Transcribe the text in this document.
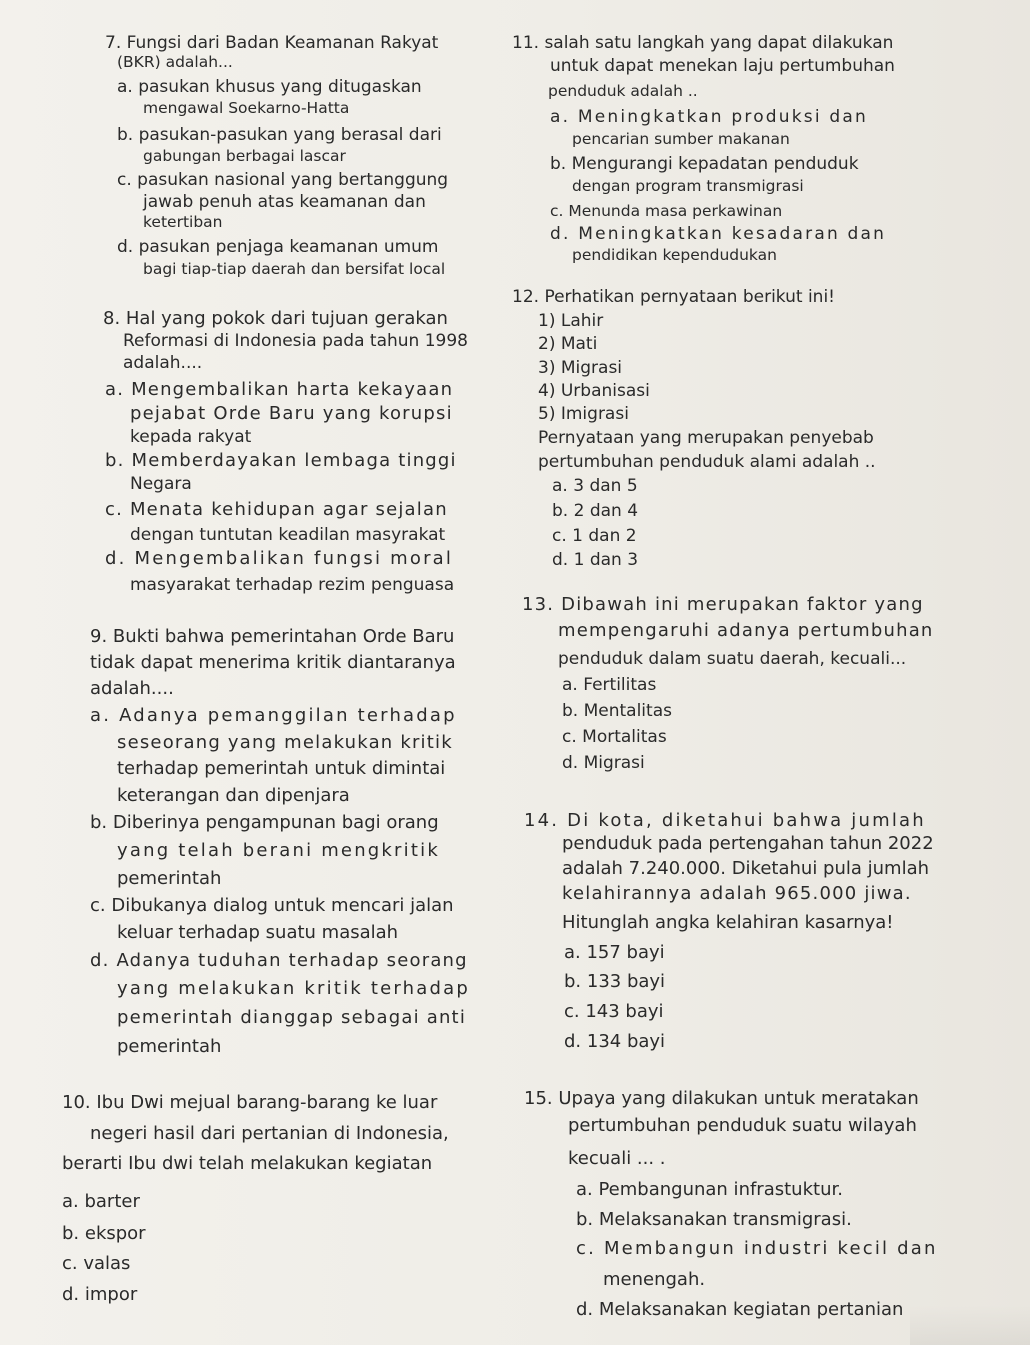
7. Fungsi dari Badan Keamanan Rakyat
(BKR) adalah...
a. pasukan khusus yang ditugaskan
mengawal Soekarno-Hatta
b. pasukan-pasukan yang berasal dari
gabungan berbagai lascar
c. pasukan nasional yang bertanggung
jawab penuh atas keamanan dan
ketertiban
d. pasukan penjaga keamanan umum
bagi tiap-tiap daerah dan bersifat local
8. Hal yang pokok dari tujuan gerakan
Reformasi di Indonesia pada tahun 1998
adalah....
a. Mengembalikan harta kekayaan
pejabat Orde Baru yang korupsi
kepada rakyat
b. Memberdayakan lembaga tinggi
Negara
c. Menata kehidupan agar sejalan
dengan tuntutan keadilan masyrakat
d. Mengembalikan fungsi moral
masyarakat terhadap rezim penguasa
9. Bukti bahwa pemerintahan Orde Baru
tidak dapat menerima kritik diantaranya
adalah....
a. Adanya pemanggilan terhadap
seseorang yang melakukan kritik
terhadap pemerintah untuk dimintai
keterangan dan dipenjara
b. Diberinya pengampunan bagi orang
yang telah berani mengkritik
pemerintah
c. Dibukanya dialog untuk mencari jalan
keluar terhadap suatu masalah
d. Adanya tuduhan terhadap seorang
yang melakukan kritik terhadap
pemerintah dianggap sebagai anti
pemerintah
10. Ibu Dwi mejual barang-barang ke luar
negeri hasil dari pertanian di Indonesia,
berarti Ibu dwi telah melakukan kegiatan
a. barter
b. ekspor
c. valas
d. impor
11. salah satu langkah yang dapat dilakukan
untuk dapat menekan laju pertumbuhan
penduduk adalah ..
a. Meningkatkan produksi dan
pencarian sumber makanan
b. Mengurangi kepadatan penduduk
dengan program transmigrasi
c. Menunda masa perkawinan
d. Meningkatkan kesadaran dan
pendidikan kependudukan
12. Perhatikan pernyataan berikut ini!
1) Lahir
2) Mati
3) Migrasi
4) Urbanisasi
5) Imigrasi
Pernyataan yang merupakan penyebab
pertumbuhan penduduk alami adalah ..
a. 3 dan 5
b. 2 dan 4
c. 1 dan 2
d. 1 dan 3
13. Dibawah ini merupakan faktor yang
mempengaruhi adanya pertumbuhan
penduduk dalam suatu daerah, kecuali...
a. Fertilitas
b. Mentalitas
c. Mortalitas
d. Migrasi
14. Di kota, diketahui bahwa jumlah
penduduk pada pertengahan tahun 2022
adalah 7.240.000. Diketahui pula jumlah
kelahirannya adalah 965.000 jiwa.
Hitunglah angka kelahiran kasarnya!
a. 157 bayi
b. 133 bayi
c. 143 bayi
d. 134 bayi
15. Upaya yang dilakukan untuk meratakan
pertumbuhan penduduk suatu wilayah
kecuali ... .
a. Pembangunan infrastuktur.
b. Melaksanakan transmigrasi.
c. Membangun industri kecil dan
menengah.
d. Melaksanakan kegiatan pertanian
